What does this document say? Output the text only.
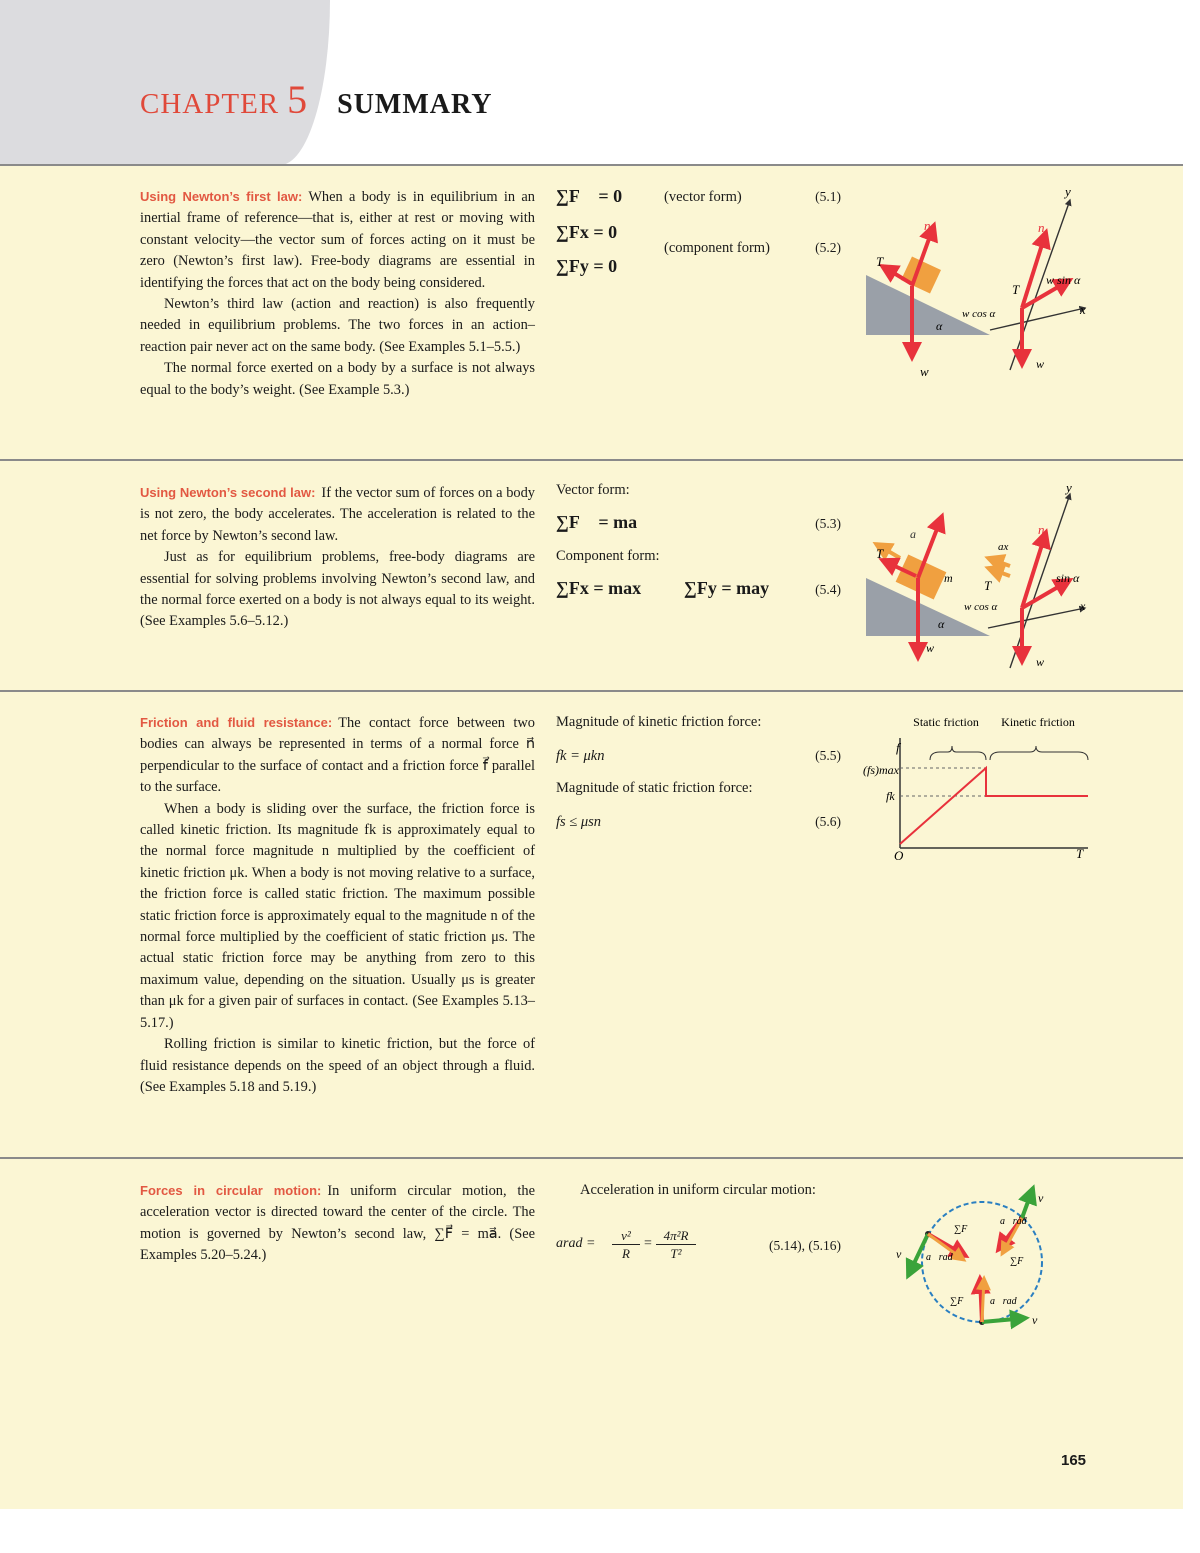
CHAPTER 5 SUMMARY

Using Newton’s first law: When a body is in equilibrium in an inertial frame of reference—that is, either at rest or moving with constant velocity—the vector sum of forces acting on it must be zero (Newton’s first law). Free-body diagrams are essential in identifying the forces that act on the body being considered.

Newton’s third law (action and reaction) is also frequently needed in equilibrium problems. The two forces in an action–reaction pair never act on the same body. (See Examples 5.1–5.5.)

The normal force exerted on a body by a surface is not always equal to the body’s weight. (See Example 5.3.)

∑F⃗ = 0	(vector form)	(5.1)
∑Fx = 0
∑Fy = 0
(component form)	(5.2)
n
T
w
α
y
x
n
T
w sin α
w cos α
w

Using Newton’s second law: If the vector sum of forces on a body is not zero, the body accelerates. The acceleration is related to the net force by Newton’s second law.

Just as for equilibrium problems, free-body diagrams are essential for solving problems involving Newton’s second law, and the normal force exerted on a body is not always equal to its weight. (See Examples 5.6–5.12.)

Vector form:
∑F⃗ = ma⃗	(5.3)
Component form:
∑Fx = max ∑Fy = may	(5.4)
a
m
T
w
α
y
x
ax
n
T	sin α
w cos α
w

Friction and fluid resistance: The contact force between two bodies can always be represented in terms of a normal force n⃗ perpendicular to the surface of contact and a friction force f⃗ parallel to the surface.

When a body is sliding over the surface, the friction force is called kinetic friction. Its magnitude fk is approximately equal to the normal force magnitude n multiplied by the coefficient of kinetic friction μk. When a body is not moving relative to a surface, the friction force is called static friction. The maximum possible static friction force is approximately equal to the magnitude n of the normal force multiplied by the coefficient of static friction μs. The actual static friction force may be anything from zero to this maximum value, depending on the situation. Usually μs is greater than μk for a given pair of surfaces in contact. (See Examples 5.13–5.17.)

Rolling friction is similar to kinetic friction, but the force of fluid resistance depends on the speed of an object through a fluid. (See Examples 5.18 and 5.19.)

Magnitude of kinetic friction force:
fk = μkn	(5.5)
Magnitude of static friction force:
fs ≤ μsn	(5.6)
Static friction Kinetic friction
f
(fs)max
fk
O	T

Forces in circular motion: In uniform circular motion, the acceleration vector is directed toward the center of the circle. The motion is governed by Newton’s second law, ∑F⃗ = ma⃗. (See Examples 5.20–5.24.)

Acceleration in uniform circular motion:
arad =
v²
R
=
4π²R
T²
(5.14), (5.16)
v⃗
a⃗rad
∑F⃗
v⃗ a⃗rad	∑F⃗
∑F⃗ a⃗rad
v⃗
165
